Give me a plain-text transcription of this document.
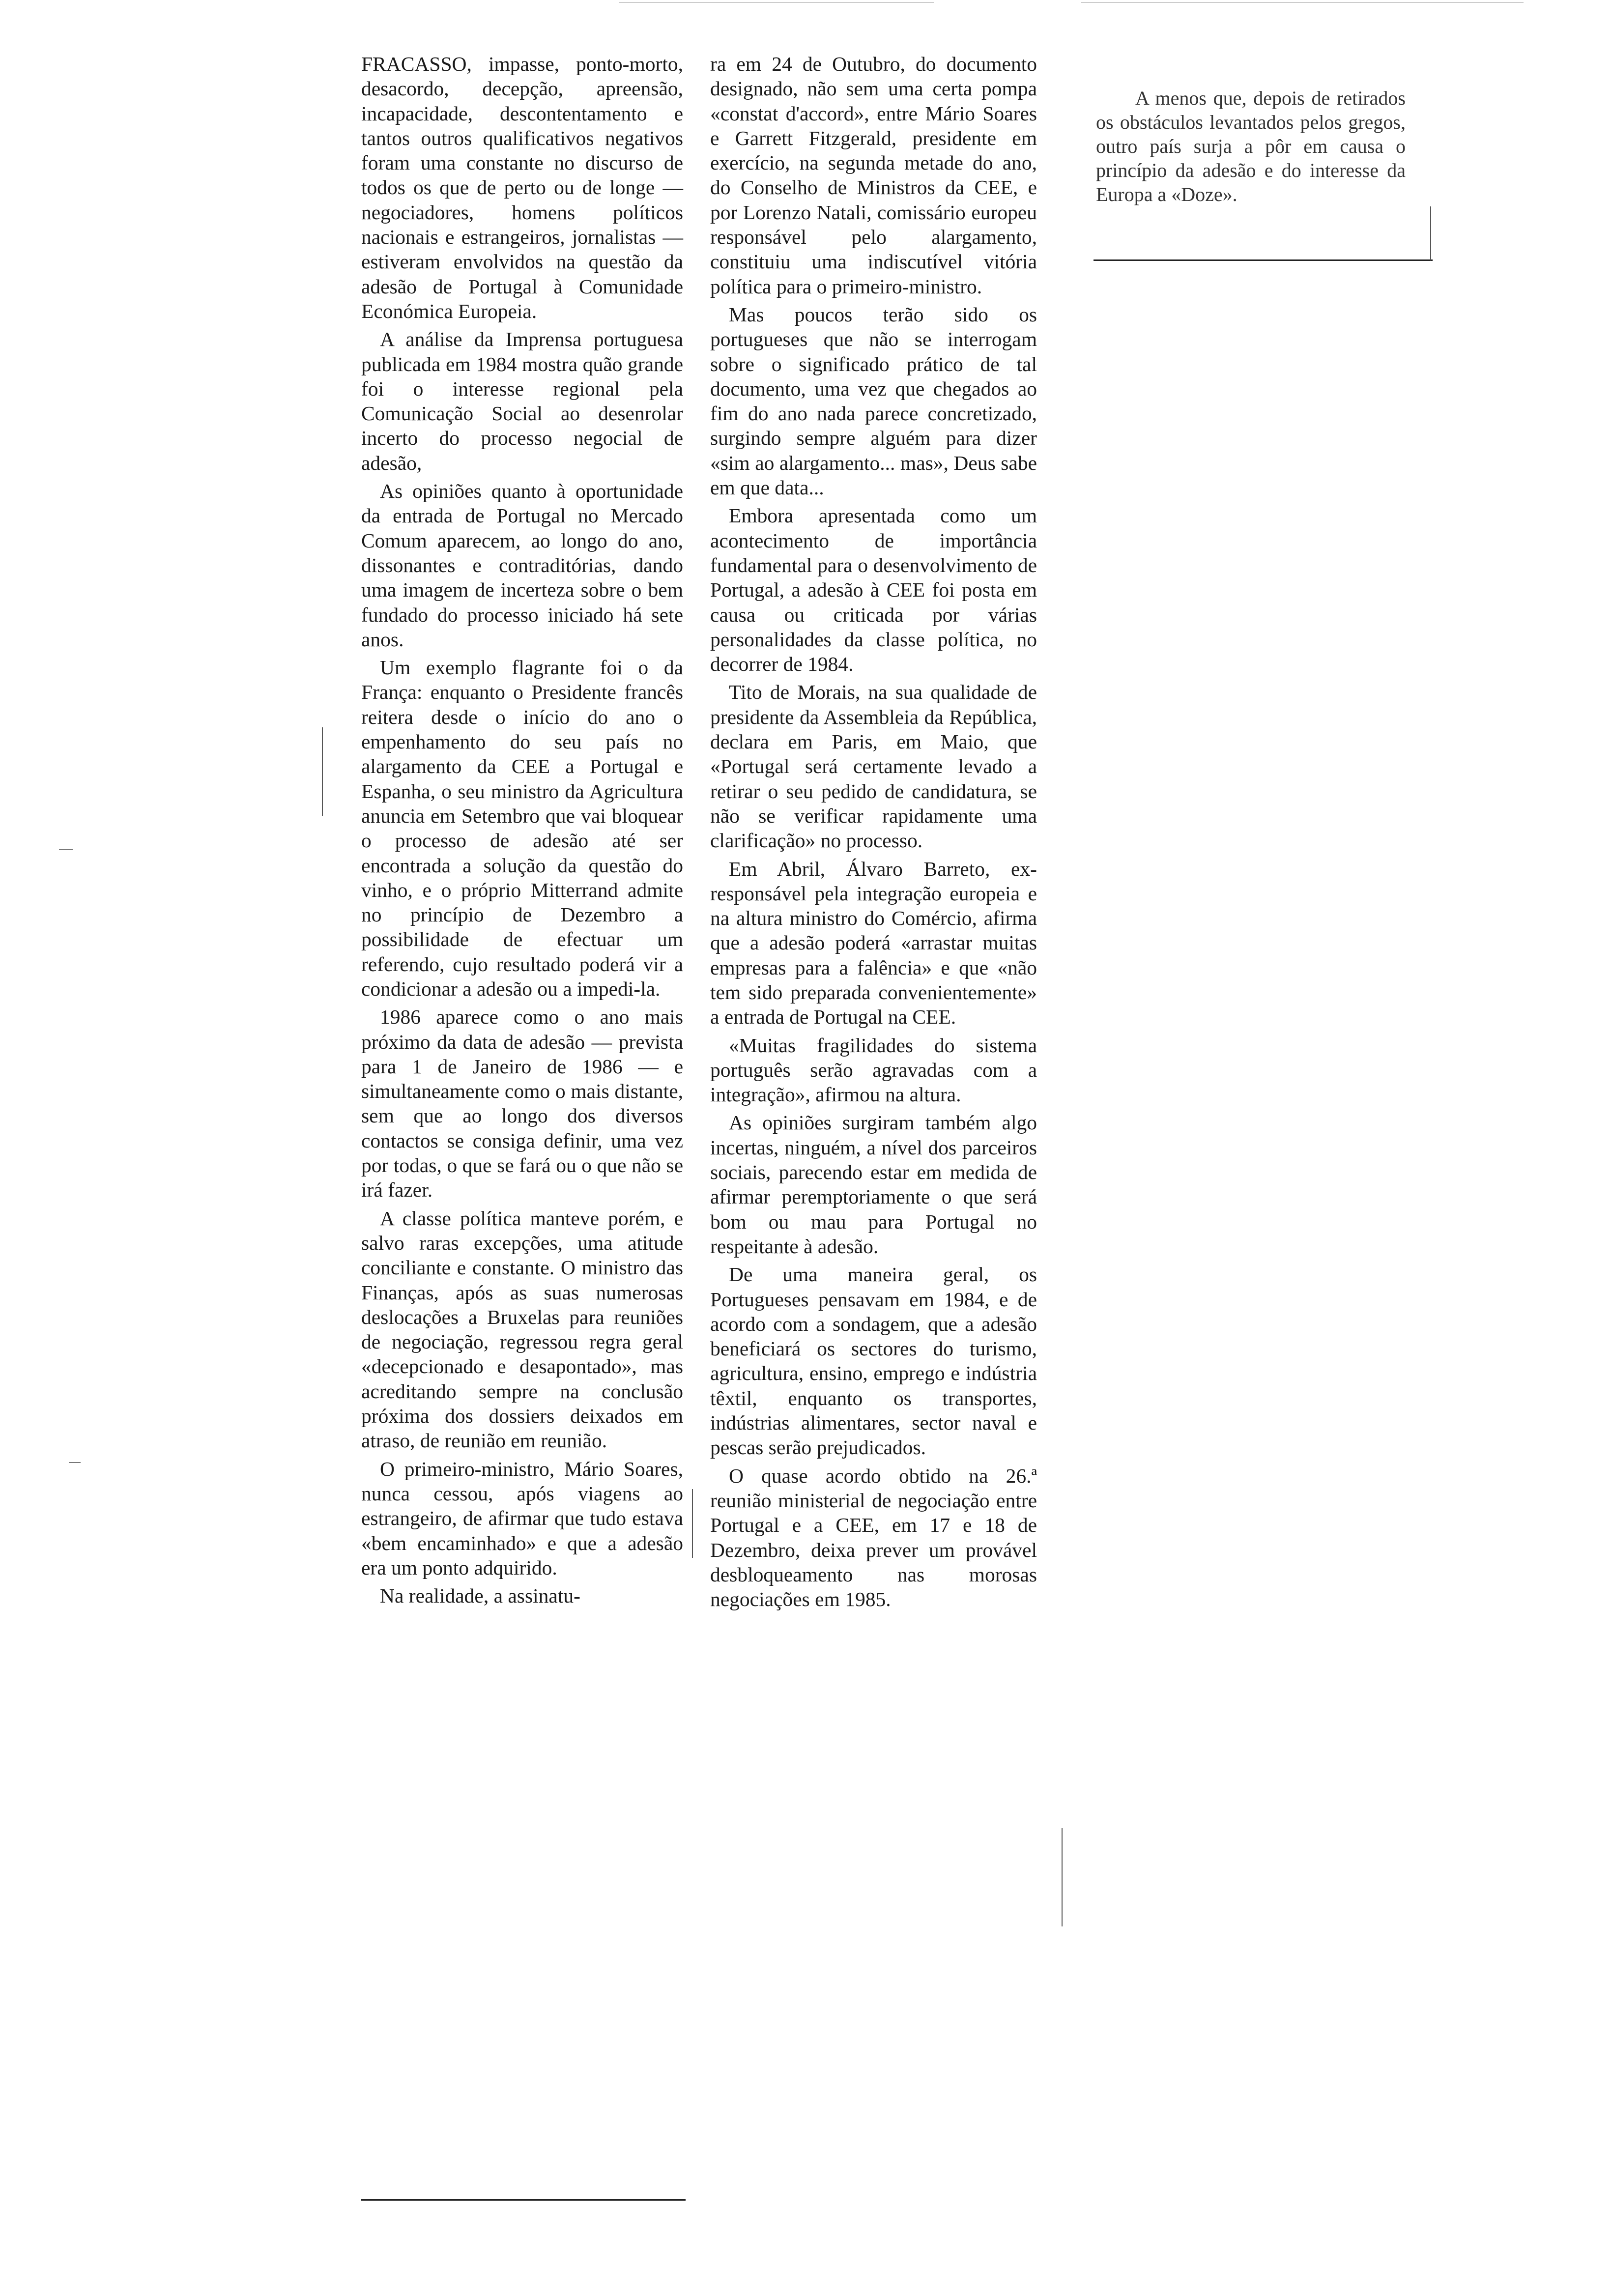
FRACASSO, impasse, ponto-morto, desacordo, decepção, apreensão, incapacidade, descontentamento e tantos outros qualificativos negativos foram uma constante no discurso de todos os que de perto ou de longe — negociadores, homens políticos nacionais e estrangeiros, jornalistas — estiveram envolvidos na questão da adesão de Portugal à Comunidade Económica Europeia.

A análise da Imprensa portuguesa publicada em 1984 mostra quão grande foi o interesse regional pela Comunicação Social ao desenrolar incerto do processo negocial de adesão,

As opiniões quanto à oportunidade da entrada de Portugal no Mercado Comum aparecem, ao longo do ano, dissonantes e contraditórias, dando uma imagem de incerteza sobre o bem fundado do processo iniciado há sete anos.

Um exemplo flagrante foi o da França: enquanto o Presidente francês reitera desde o início do ano o empenhamento do seu país no alargamento da CEE a Portugal e Espanha, o seu ministro da Agricultura anuncia em Setembro que vai bloquear o processo de adesão até ser encontrada a solução da questão do vinho, e o próprio Mitterrand admite no princípio de Dezembro a possibilidade de efectuar um referendo, cujo resultado poderá vir a condicionar a adesão ou a impedi-la.

1986 aparece como o ano mais próximo da data de adesão — prevista para 1 de Janeiro de 1986 — e simultaneamente como o mais distante, sem que ao longo dos diversos contactos se consiga definir, uma vez por todas, o que se fará ou o que não se irá fazer.

A classe política manteve porém, e salvo raras excepções, uma atitude conciliante e constante. O ministro das Finanças, após as suas numerosas deslocações a Bruxelas para reuniões de negociação, regressou regra geral «decepcionado e desapontado», mas acreditando sempre na conclusão próxima dos dossiers deixados em atraso, de reunião em reunião.

O primeiro-ministro, Mário Soares, nunca cessou, após viagens ao estrangeiro, de afirmar que tudo estava «bem encaminhado» e que a adesão era um ponto adquirido.

Na realidade, a assinatu-

ra em 24 de Outubro, do documento designado, não sem uma certa pompa «constat d'accord», entre Mário Soares e Garrett Fitzgerald, presidente em exercício, na segunda metade do ano, do Conselho de Ministros da CEE, e por Lorenzo Natali, comissário europeu responsável pelo alargamento, constituiu uma indiscutível vitória política para o primeiro-ministro.

Mas poucos terão sido os portugueses que não se interrogam sobre o significado prático de tal documento, uma vez que chegados ao fim do ano nada parece concretizado, surgindo sempre alguém para dizer «sim ao alargamento... mas», Deus sabe em que data...

Embora apresentada como um acontecimento de importância fundamental para o desenvolvimento de Portugal, a adesão à CEE foi posta em causa ou criticada por várias personalidades da classe política, no decorrer de 1984.

Tito de Morais, na sua qualidade de presidente da Assembleia da República, declara em Paris, em Maio, que «Portugal será certamente levado a retirar o seu pedido de candidatura, se não se verificar rapidamente uma clarificação» no processo.

Em Abril, Álvaro Barreto, ex-responsável pela integração europeia e na altura ministro do Comércio, afirma que a adesão poderá «arrastar muitas empresas para a falência» e que «não tem sido preparada convenientemente» a entrada de Portugal na CEE.

«Muitas fragilidades do sistema português serão agravadas com a integração», afirmou na altura.

As opiniões surgiram também algo incertas, ninguém, a nível dos parceiros sociais, parecendo estar em medida de afirmar peremptoriamente o que será bom ou mau para Portugal no respeitante à adesão.

De uma maneira geral, os Portugueses pensavam em 1984, e de acordo com a sondagem, que a adesão beneficiará os sectores do turismo, agricultura, ensino, emprego e indústria têxtil, enquanto os transportes, indústrias alimentares, sector naval e pescas serão prejudicados.

O quase acordo obtido na 26.ª reunião ministerial de negociação entre Portugal e a CEE, em 17 e 18 de Dezembro, deixa prever um provável desbloqueamento nas morosas negociações em 1985.

A menos que, depois de retirados os obstáculos levantados pelos gregos, outro país surja a pôr em causa o princípio da adesão e do interesse da Europa a «Doze».
